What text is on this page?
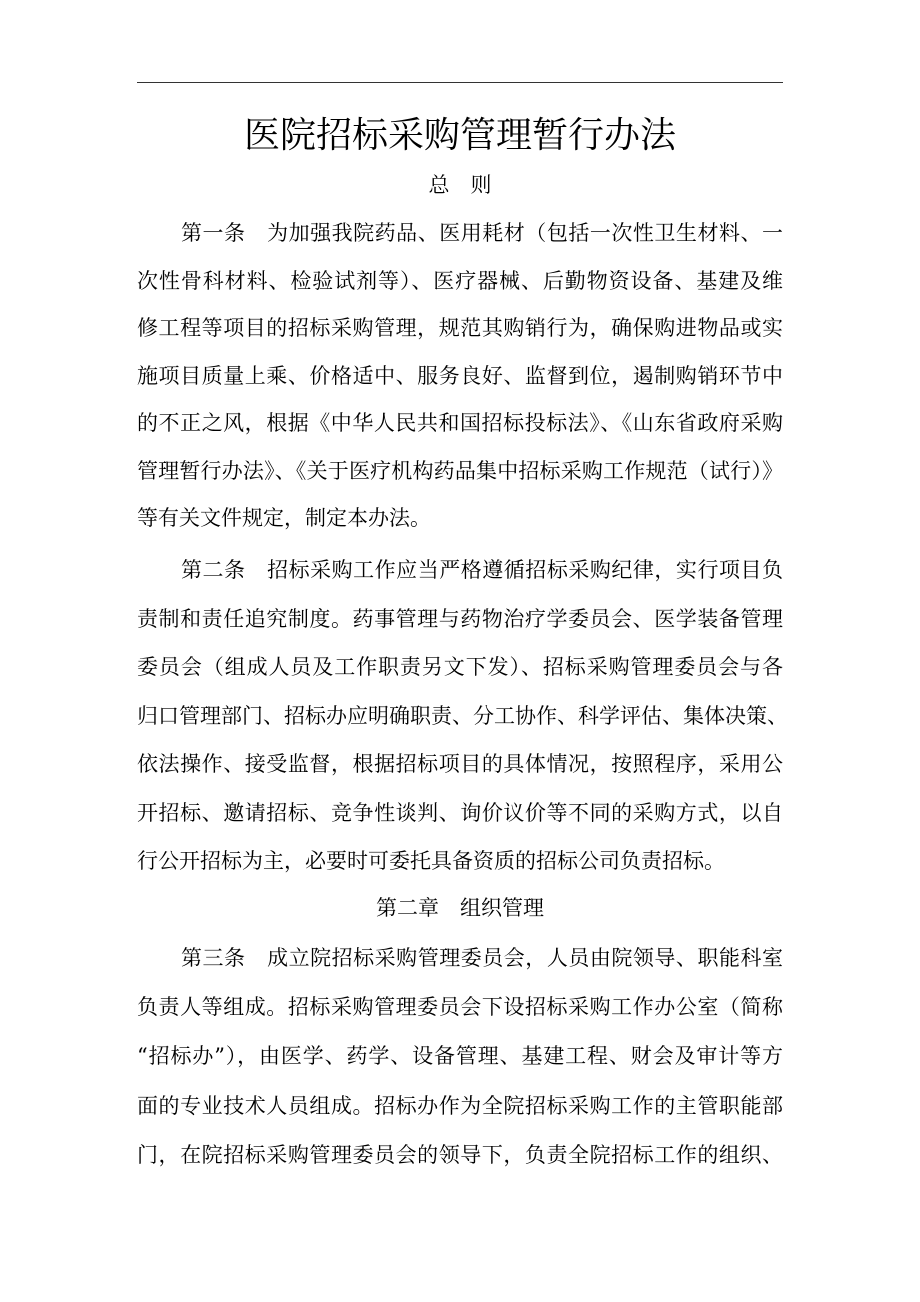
医院招标采购管理暂行办法
总　则
第一条　为加强我院药品、医用耗材（包括一次性卫生材料、一
次性骨科材料、检验试剂等）、医疗器械、后勤物资设备、基建及维
修工程等项目的招标采购管理，规范其购销行为，确保购进物品或实
施项目质量上乘、价格适中、服务良好、监督到位，遏制购销环节中
的不正之风，根据《中华人民共和国招标投标法》、《山东省政府采购
管理暂行办法》、《关于医疗机构药品集中招标采购工作规范（试行）》
等有关文件规定，制定本办法。
第二条　招标采购工作应当严格遵循招标采购纪律，实行项目负
责制和责任追究制度。药事管理与药物治疗学委员会、医学装备管理
委员会（组成人员及工作职责另文下发）、招标采购管理委员会与各
归口管理部门、招标办应明确职责、分工协作、科学评估、集体决策、
依法操作、接受监督，根据招标项目的具体情况，按照程序，采用公
开招标、邀请招标、竞争性谈判、询价议价等不同的采购方式，以自
行公开招标为主，必要时可委托具备资质的招标公司负责招标。
第二章　组织管理
第三条　成立院招标采购管理委员会，人员由院领导、职能科室
负责人等组成。招标采购管理委员会下设招标采购工作办公室（简称
“招标办”），由医学、药学、设备管理、基建工程、财会及审计等方
面的专业技术人员组成。招标办作为全院招标采购工作的主管职能部
门，在院招标采购管理委员会的领导下，负责全院招标工作的组织、
